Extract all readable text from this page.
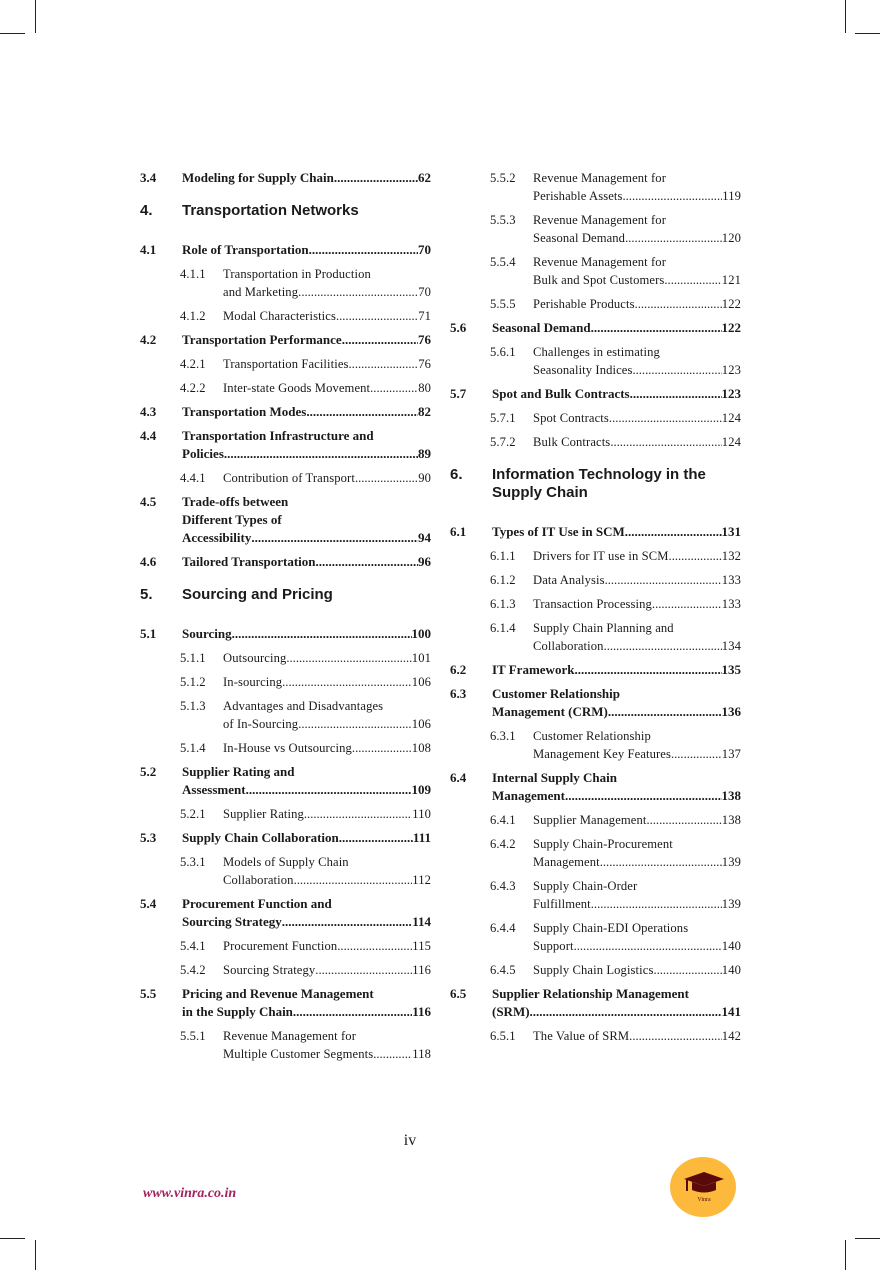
3.4 Modeling for Supply Chain .....	62
4. Transportation Networks
4.1 Role of Transportation .....	70
4.1.1 Transportation in Production
and Marketing. .....	70
4.1.2 Modal Characteristics .....	71
4.2 Transportation Performance .....	76
4.2.1 Transportation Facilities .....	76
4.2.2 Inter-state Goods Movement .....	80
4.3 Transportation Modes .....	82
4.4 Transportation Infrastructure and
Policies .....	89
4.4.1 Contribution of Transport .....	90
4.5 Trade-offs between
Different Types of
Accessibility .....	94
4.6 Tailored Transportation .....	96
5. Sourcing and Pricing
5.1 Sourcing .....	100
5.1.1 Outsourcing .....	101
5.1.2 In-sourcing .....	106
5.1.3 Advantages and Disadvantages
of In-Sourcing .....	106
5.1.4 In-House vs Outsourcing .....	108
5.2 Supplier Rating and
Assessment .....	109
5.2.1 Supplier Rating .....	110
5.3 Supply Chain Collaboration .....	111
5.3.1 Models of Supply Chain
Collaboration .....	112
5.4 Procurement Function and
Sourcing Strategy .....	114
5.4.1 Procurement Function .....	115
5.4.2 Sourcing Strategy .....	116
5.5 Pricing and Revenue Management
in the Supply Chain .....	116
5.5.1 Revenue Management for
Multiple Customer Segments .....	118
5.5.2 Revenue Management for
Perishable Assets .....	119
5.5.3 Revenue Management for
Seasonal Demand .....	120
5.5.4 Revenue Management for
Bulk and Spot Customers .....	121
5.5.5 Perishable Products .....	122
5.6 Seasonal Demand .....	122
5.6.1 Challenges in estimating
Seasonality Indices .....	123
5.7 Spot and Bulk Contracts .....	123
5.7.1 Spot Contracts .....	124
5.7.2 Bulk Contracts .....	124
6. Information Technology in the
Supply Chain
6.1 Types of IT Use in SCM .....	131
6.1.1 Drivers for IT use in SCM .....	132
6.1.2 Data Analysis .....	133
6.1.3 Transaction Processing .....	133
6.1.4 Supply Chain Planning and
Collaboration .....	134
6.2 IT Framework .....	135
6.3 Customer Relationship
Management (CRM) .....	136
6.3.1 Customer Relationship
Management Key Features .....	137
6.4 Internal Supply Chain
Management .....	138
6.4.1 Supplier Management .....	138
6.4.2 Supply Chain-Procurement
Management .....	139
6.4.3 Supply Chain-Order
Fulfillment .....	139
6.4.4 Supply Chain-EDI Operations
Support .....	140
6.4.5 Supply Chain Logistics .....	140
6.5 Supplier Relationship Management
(SRM) .....	141
6.5.1 The Value of SRM .....	142
iv
www.vinra.co.in	Vinra
